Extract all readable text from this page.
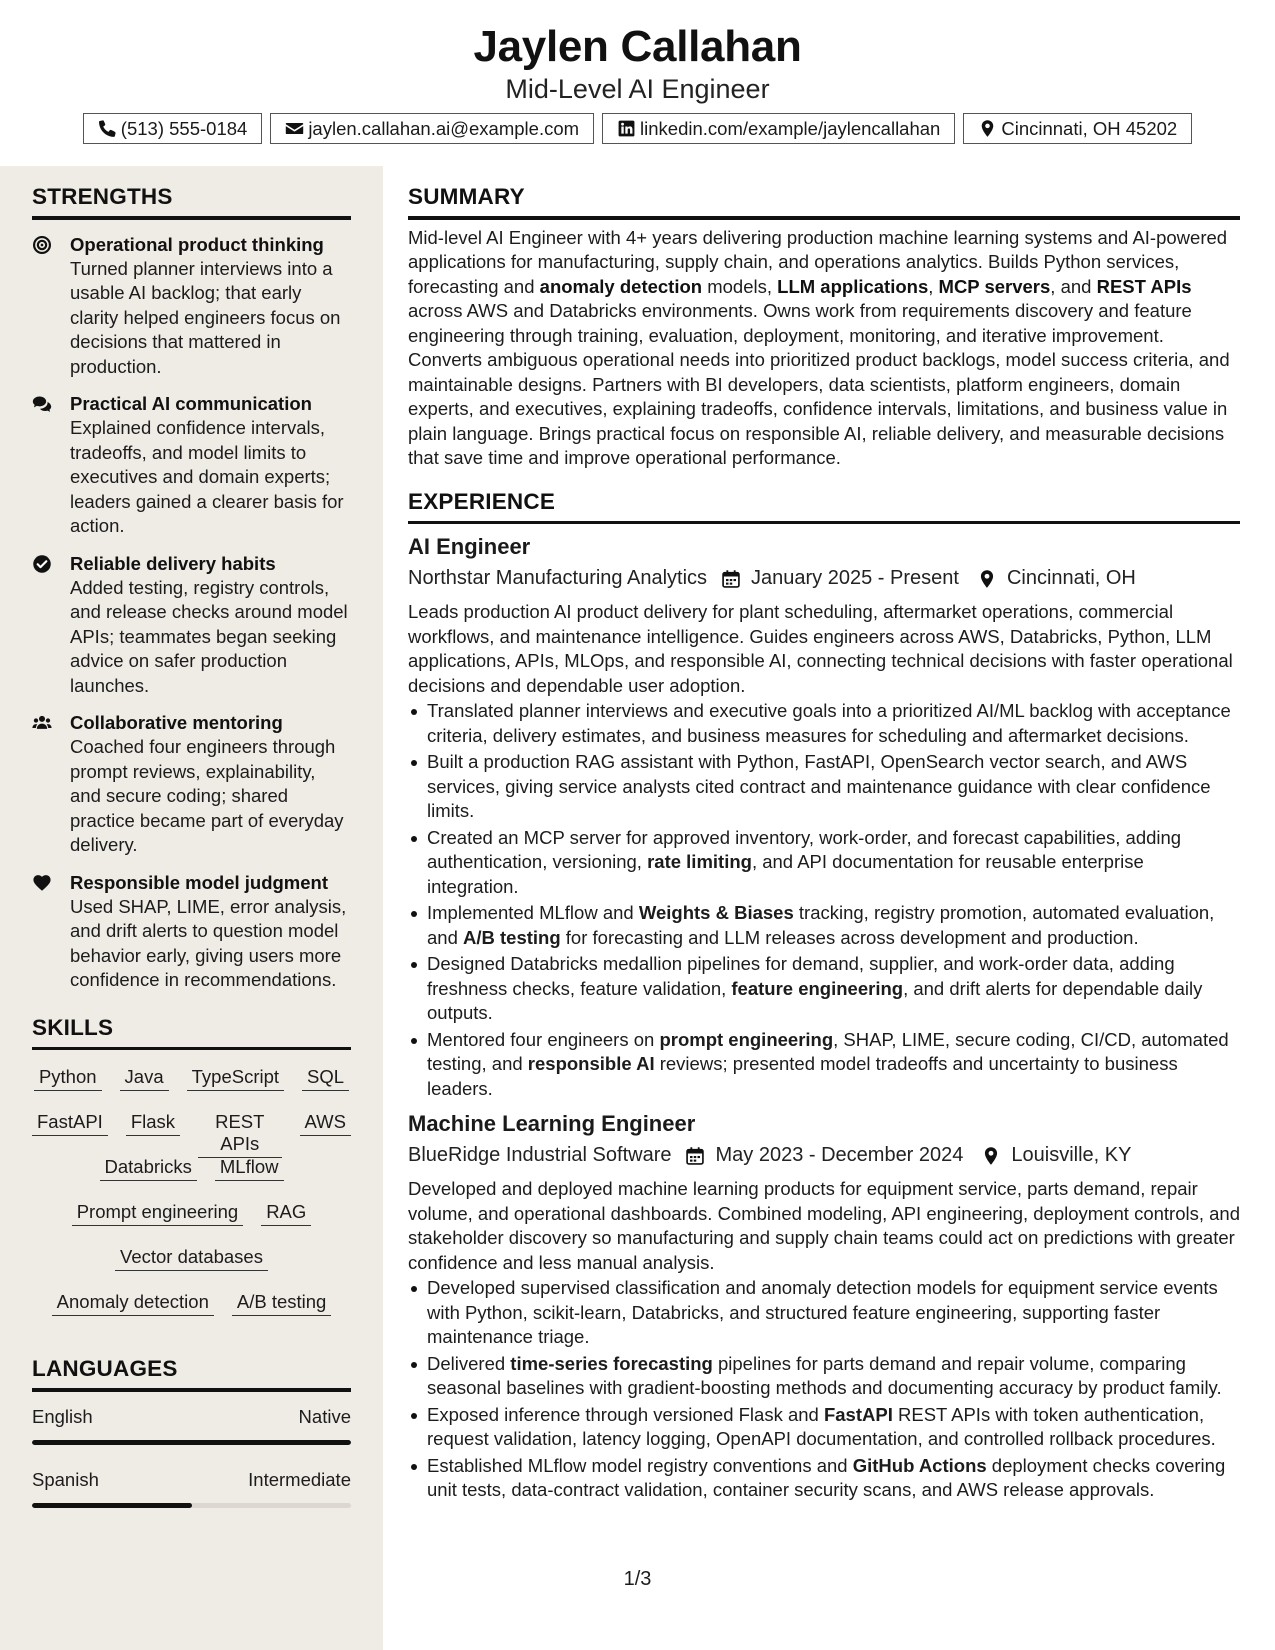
Jaylen Callahan
Mid-Level AI Engineer
(513) 555-0184	jaylen.callahan.ai@example.com	linkedin.com/example/jaylencallahan	Cincinnati, OH 45202
STRENGTHS
Operational product thinking
Turned planner interviews into a usable AI backlog; that early clarity helped engineers focus on decisions that mattered in production.
Practical AI communication
Explained confidence intervals, tradeoffs, and model limits to executives and domain experts; leaders gained a clearer basis for action.
Reliable delivery habits
Added testing, registry controls, and release checks around model APIs; teammates began seeking advice on safer production launches.
Collaborative mentoring
Coached four engineers through prompt reviews, explainability, and secure coding; shared practice became part of everyday delivery.
Responsible model judgment
Used SHAP, LIME, error analysis, and drift alerts to question model behavior early, giving users more confidence in recommendations.
SKILLS
Python Java TypeScript SQL
FastAPI Flask	REST APIs
AWS
Databricks MLflow
Prompt engineering RAG
Vector databases
Anomaly detection A/B testing
LANGUAGES
English	Native
Spanish	Intermediate
SUMMARY

Mid-level AI Engineer with 4+ years delivering production machine learning systems and AI-powered applications for manufacturing, supply chain, and operations analytics. Builds Python services, forecasting and anomaly detection models, LLM applications, MCP servers, and REST APIs across AWS and Databricks environments. Owns work from requirements discovery and feature engineering through training, evaluation, deployment, monitoring, and iterative improvement. Converts ambiguous operational needs into prioritized product backlogs, model success criteria, and maintainable designs. Partners with BI developers, data scientists, platform engineers, domain experts, and executives, explaining tradeoffs, confidence intervals, limitations, and business value in plain language. Brings practical focus on responsible AI, reliable delivery, and measurable decisions that save time and improve operational performance.

EXPERIENCE
AI Engineer
Northstar Manufacturing Analytics January 2025 - Present Cincinnati, OH

Leads production AI product delivery for plant scheduling, aftermarket operations, commercial workflows, and maintenance intelligence. Guides engineers across AWS, Databricks, Python, LLM applications, APIs, MLOps, and responsible AI, connecting technical decisions with faster operational decisions and dependable user adoption.

Translated planner interviews and executive goals into a prioritized AI/ML backlog with acceptance criteria, delivery estimates, and business measures for scheduling and aftermarket decisions.
Built a production RAG assistant with Python, FastAPI, OpenSearch vector search, and AWS services, giving service analysts cited contract and maintenance guidance with clear confidence limits.
Created an MCP server for approved inventory, work-order, and forecast capabilities, adding authentication, versioning, rate limiting, and API documentation for reusable enterprise integration.
Implemented MLflow and Weights & Biases tracking, registry promotion, automated evaluation, and A/B testing for forecasting and LLM releases across development and production.
Designed Databricks medallion pipelines for demand, supplier, and work-order data, adding freshness checks, feature validation, feature engineering, and drift alerts for dependable daily outputs.
Mentored four engineers on prompt engineering, SHAP, LIME, secure coding, CI/CD, automated testing, and responsible AI reviews; presented model tradeoffs and uncertainty to business leaders.
Machine Learning Engineer
BlueRidge Industrial Software May 2023 - December 2024 Louisville, KY

Developed and deployed machine learning products for equipment service, parts demand, repair volume, and operational dashboards. Combined modeling, API engineering, deployment controls, and stakeholder discovery so manufacturing and supply chain teams could act on predictions with greater confidence and less manual analysis.

Developed supervised classification and anomaly detection models for equipment service events with Python, scikit-learn, Databricks, and structured feature engineering, supporting faster maintenance triage.
Delivered time-series forecasting pipelines for parts demand and repair volume, comparing seasonal baselines with gradient-boosting methods and documenting accuracy by product family.
Exposed inference through versioned Flask and FastAPI REST APIs with token authentication, request validation, latency logging, OpenAPI documentation, and controlled rollback procedures.
Established MLflow model registry conventions and GitHub Actions deployment checks covering unit tests, data-contract validation, container security scans, and AWS release approvals.
1/3
